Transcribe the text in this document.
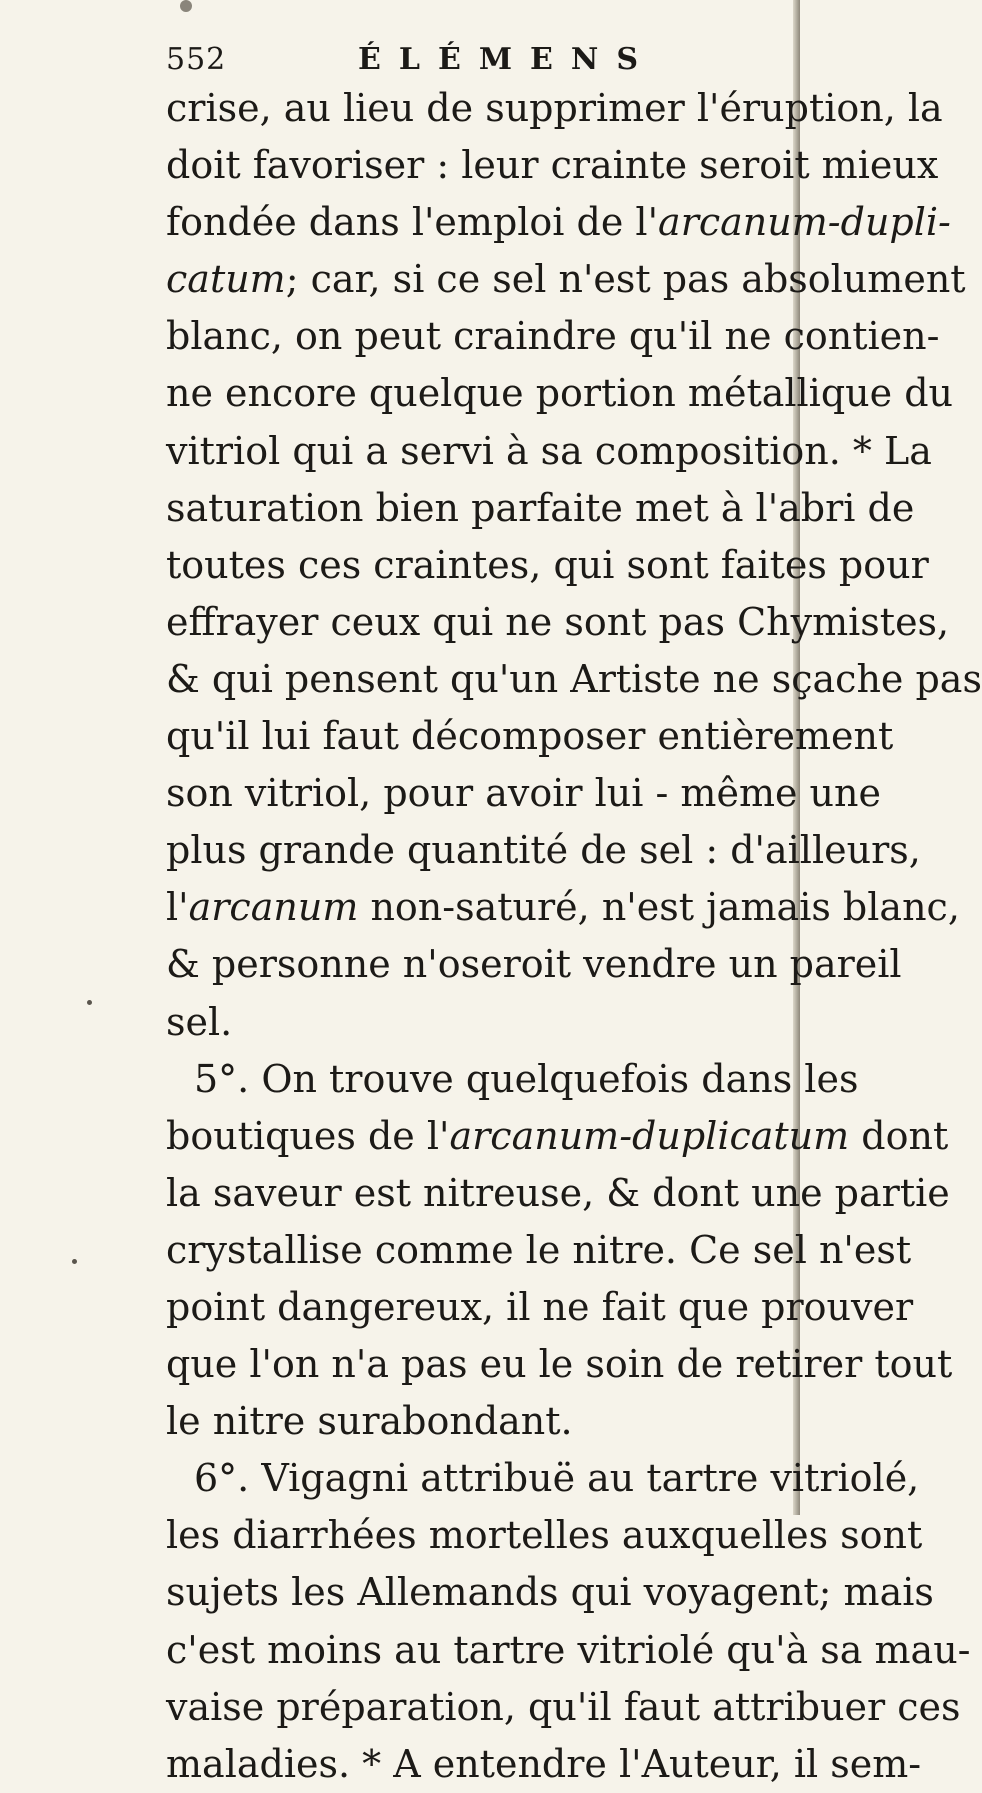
552	ÉLÉMENS
crise, au lieu de supprimer l'éruption, la
doit favoriser : leur crainte seroit mieux
fondée dans l'emploi de l'arcanum-dupli-
catum; car, si ce sel n'est pas absolument
blanc, on peut craindre qu'il ne contien-
ne encore quelque portion métallique du
vitriol qui a servi à sa composition. * La
saturation bien parfaite met à l'abri de
toutes ces craintes, qui sont faites pour
effrayer ceux qui ne sont pas Chymistes,
& qui pensent qu'un Artiste ne sçache pas
qu'il lui faut décomposer entièrement
son vitriol, pour avoir lui - même une
plus grande quantité de sel : d'ailleurs,
l'arcanum non-saturé, n'est jamais blanc,
& personne n'oseroit vendre un pareil
sel.
5°. On trouve quelquefois dans les
boutiques de l'arcanum-duplicatum dont
la saveur est nitreuse, & dont une partie
crystallise comme le nitre. Ce sel n'est
point dangereux, il ne fait que prouver
que l'on n'a pas eu le soin de retirer tout
le nitre surabondant.
6°. Vigagni attribuë au tartre vitriolé,
les diarrhées mortelles auxquelles sont
sujets les Allemands qui voyagent; mais
c'est moins au tartre vitriolé qu'à sa mau-
vaise préparation, qu'il faut attribuer ces
maladies. * A entendre l'Auteur, il sem-
